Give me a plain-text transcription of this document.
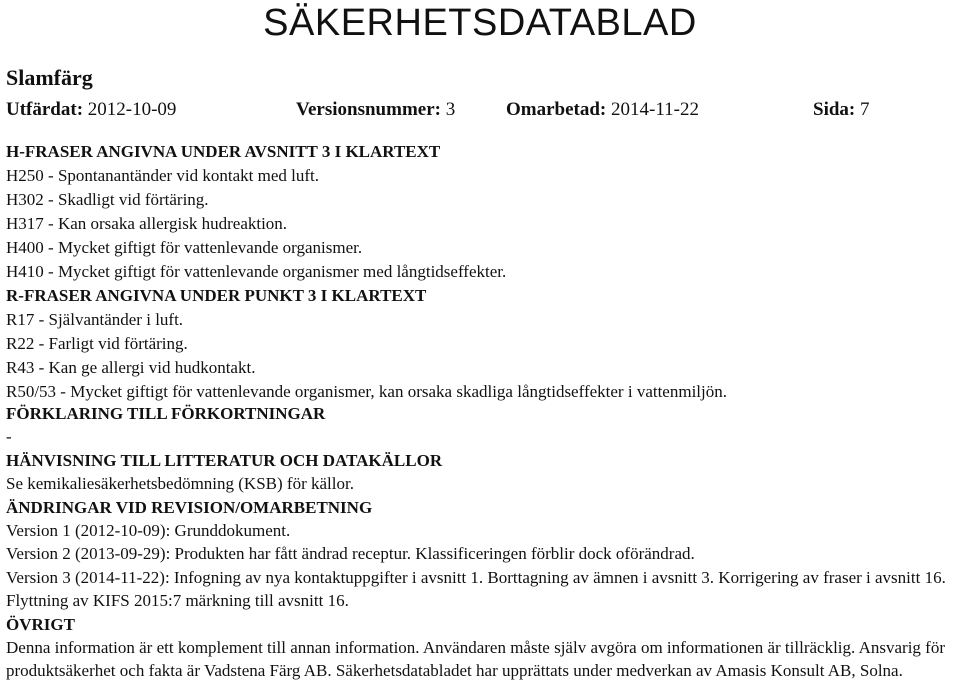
SÄKERHETSDATABLAD
Slamfärg
Utfärdat: 2012-10-09	Versionsnummer: 3	Omarbetad: 2014-11-22	Sida: 7
H-FRASER ANGIVNA UNDER AVSNITT 3 I KLARTEXT
H250 - Spontanantänder vid kontakt med luft.
H302 - Skadligt vid förtäring.
H317 - Kan orsaka allergisk hudreaktion.
H400 - Mycket giftigt för vattenlevande organismer.
H410 - Mycket giftigt för vattenlevande organismer med långtidseffekter.
R-FRASER ANGIVNA UNDER PUNKT 3 I KLARTEXT
R17 - Självantänder i luft.
R22 - Farligt vid förtäring.
R43 - Kan ge allergi vid hudkontakt.
R50/53 - Mycket giftigt för vattenlevande organismer, kan orsaka skadliga långtidseffekter i vattenmiljön.
FÖRKLARING TILL FÖRKORTNINGAR
-
HÄNVISNING TILL LITTERATUR OCH DATAKÄLLOR
Se kemikaliesäkerhetsbedömning (KSB) för källor.
ÄNDRINGAR VID REVISION/OMARBETNING
Version 1 (2012-10-09): Grunddokument.
Version 2 (2013-09-29): Produkten har fått ändrad receptur. Klassificeringen förblir dock oförändrad.
Version 3 (2014-11-22): Infogning av nya kontaktuppgifter i avsnitt 1. Borttagning av ämnen i avsnitt 3. Korrigering av fraser i avsnitt 16. Flyttning av KIFS 2015:7 märkning till avsnitt 16.
ÖVRIGT
Denna information är ett komplement till annan information. Användaren måste själv avgöra om informationen är tillräcklig. Ansvarig för produktsäkerhet och fakta är Vadstena Färg AB. Säkerhetsdatabladet har upprättats under medverkan av Amasis Konsult AB, Solna.
